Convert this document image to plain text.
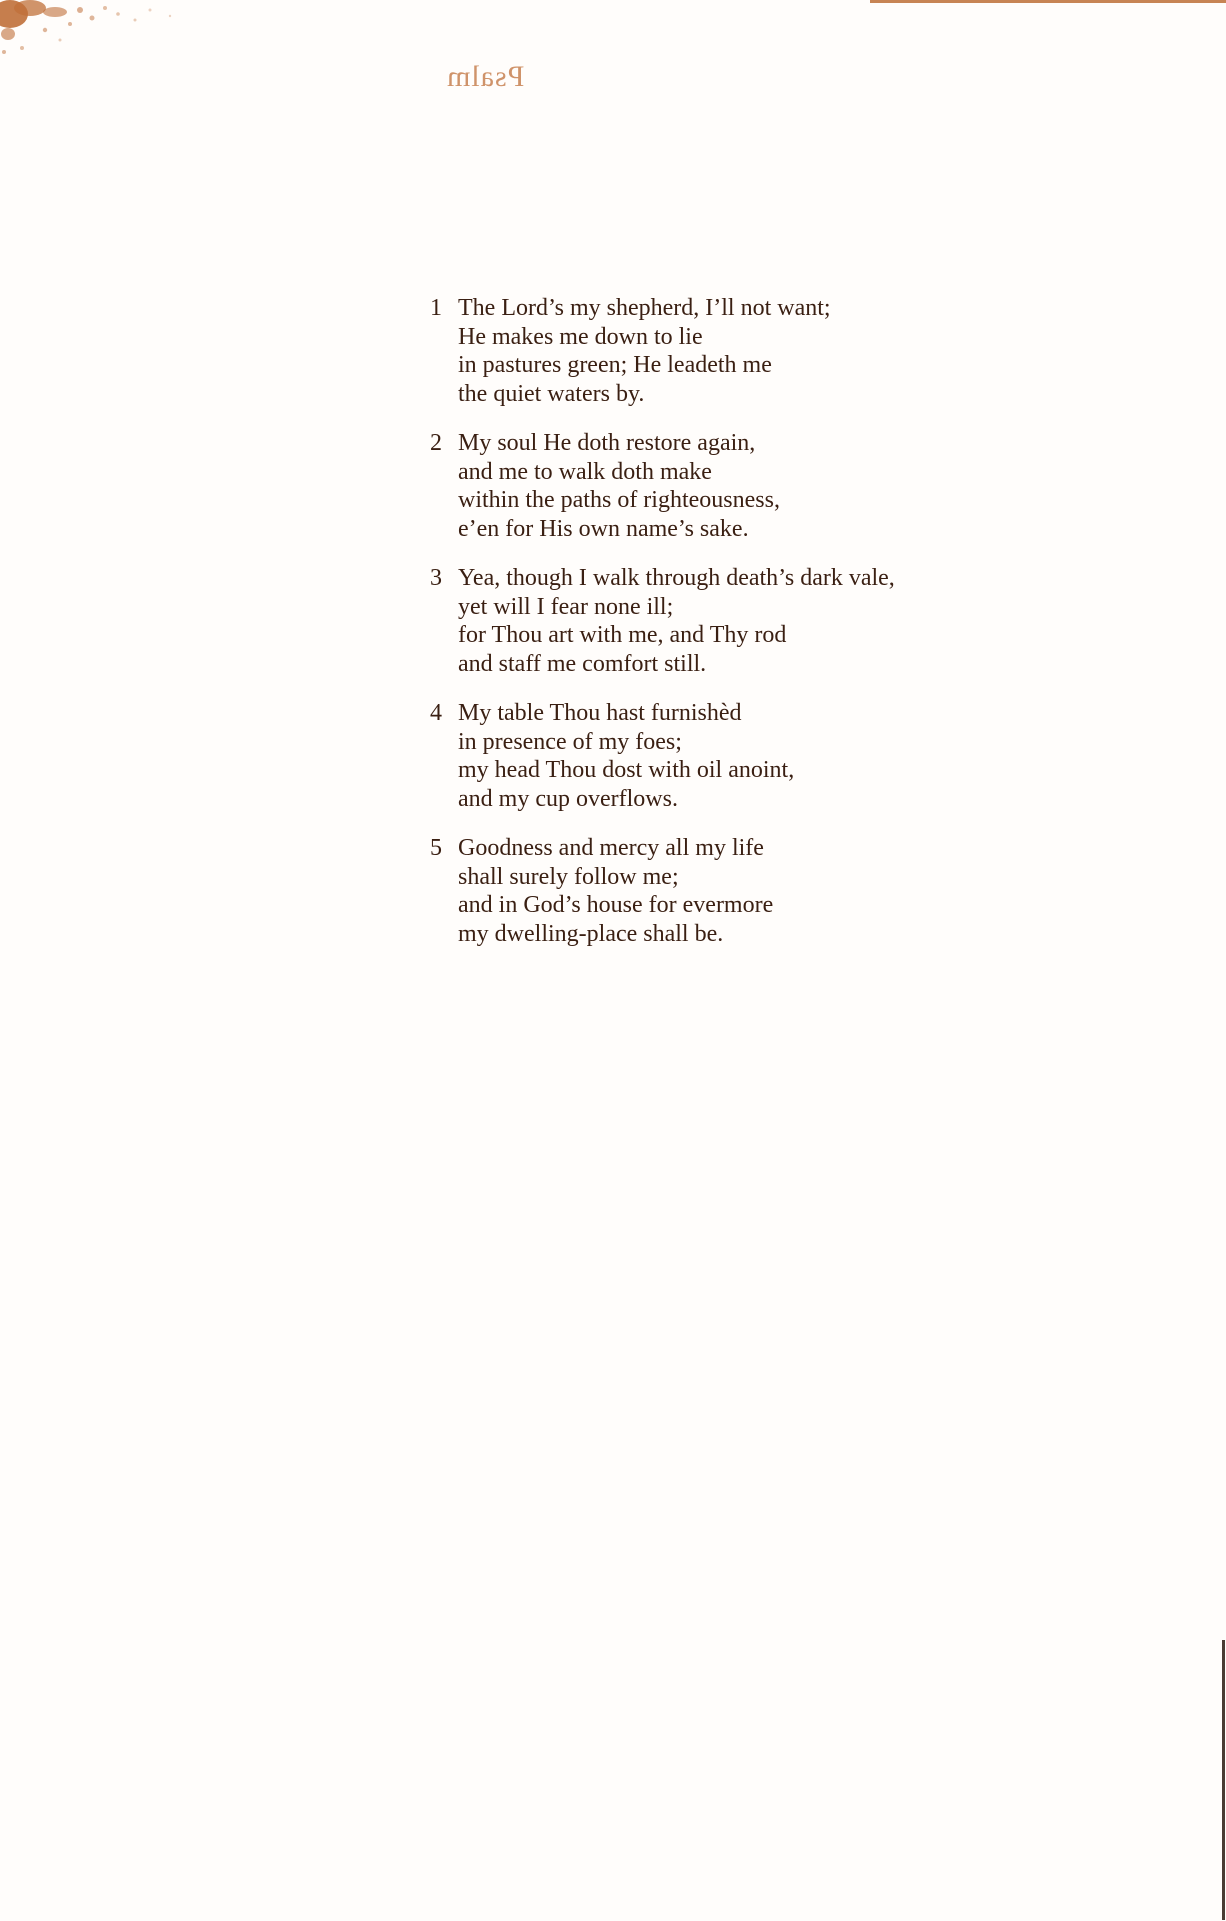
Psalm
1 The Lord’s my shepherd, I’ll not want;
He makes me down to lie
in pastures green; He leadeth me
the quiet waters by.
2 My soul He doth restore again,
and me to walk doth make
within the paths of righteousness,
e’en for His own name’s sake.
3 Yea, though I walk through death’s dark vale,
yet will I fear none ill;
for Thou art with me, and Thy rod
and staff me comfort still.
4 My table Thou hast furnishèd
in presence of my foes;
my head Thou dost with oil anoint,
and my cup overflows.
5 Goodness and mercy all my life
shall surely follow me;
and in God’s house for evermore
my dwelling-place shall be.
